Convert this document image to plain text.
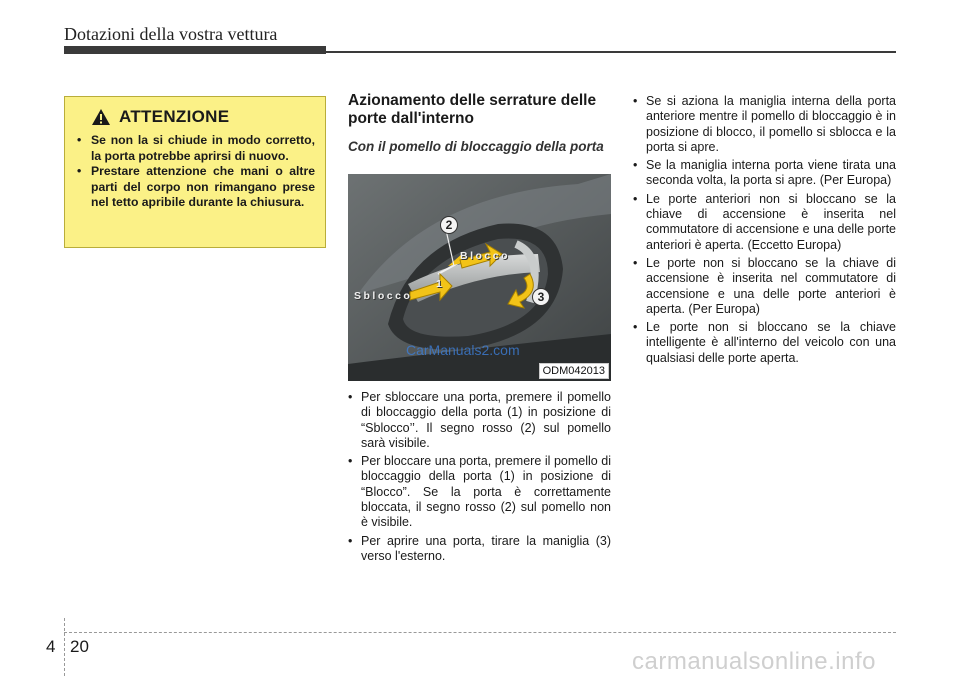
Dotazioni della vostra vettura
ATTENZIONE
• Se non la si chiude in modo corretto, la porta potrebbe aprirsi di nuovo.
• Prestare attenzione che mani o altre parti del corpo non rimangano prese nel tetto apribile durante la chiusura.
Azionamento delle serrature delle porte dall'interno
Con il pomello di bloccaggio della porta
Blocco
Sblocco
2
1
3
CarManuals2.com
ODM042013
• Per sbloccare una porta, premere il pomello di bloccaggio della porta (1) in posizione di “Sblocco’’. Il segno rosso (2) sul pomello sarà visibile.
• Per bloccare una porta, premere il pomello di bloccaggio della porta (1) in posizione di “Blocco”. Se la porta è correttamente bloccata, il segno rosso (2) sul pomello non è visibile.
• Per aprire una porta, tirare la maniglia (3) verso l'esterno.
• Se si aziona la maniglia interna della porta anteriore mentre il pomello di bloccaggio è in posizione di blocco, il pomello si sblocca e la porta si apre.
• Se la maniglia interna porta viene tirata una seconda volta, la porta si apre. (Per Europa)
• Le porte anteriori non si bloccano se la chiave di accensione è inserita nel commutatore di accensione e una delle porte anteriori è aperta. (Eccetto Europa)
• Le porte non si bloccano se la chiave di accensione è inserita nel commutatore di accensione e una delle porte anteriori è aperta. (Per Europa)
• Le porte non si bloccano se la chiave intelligente è all'interno del veicolo con una qualsiasi delle porte aperta.
4 20
carmanualsonline.info
